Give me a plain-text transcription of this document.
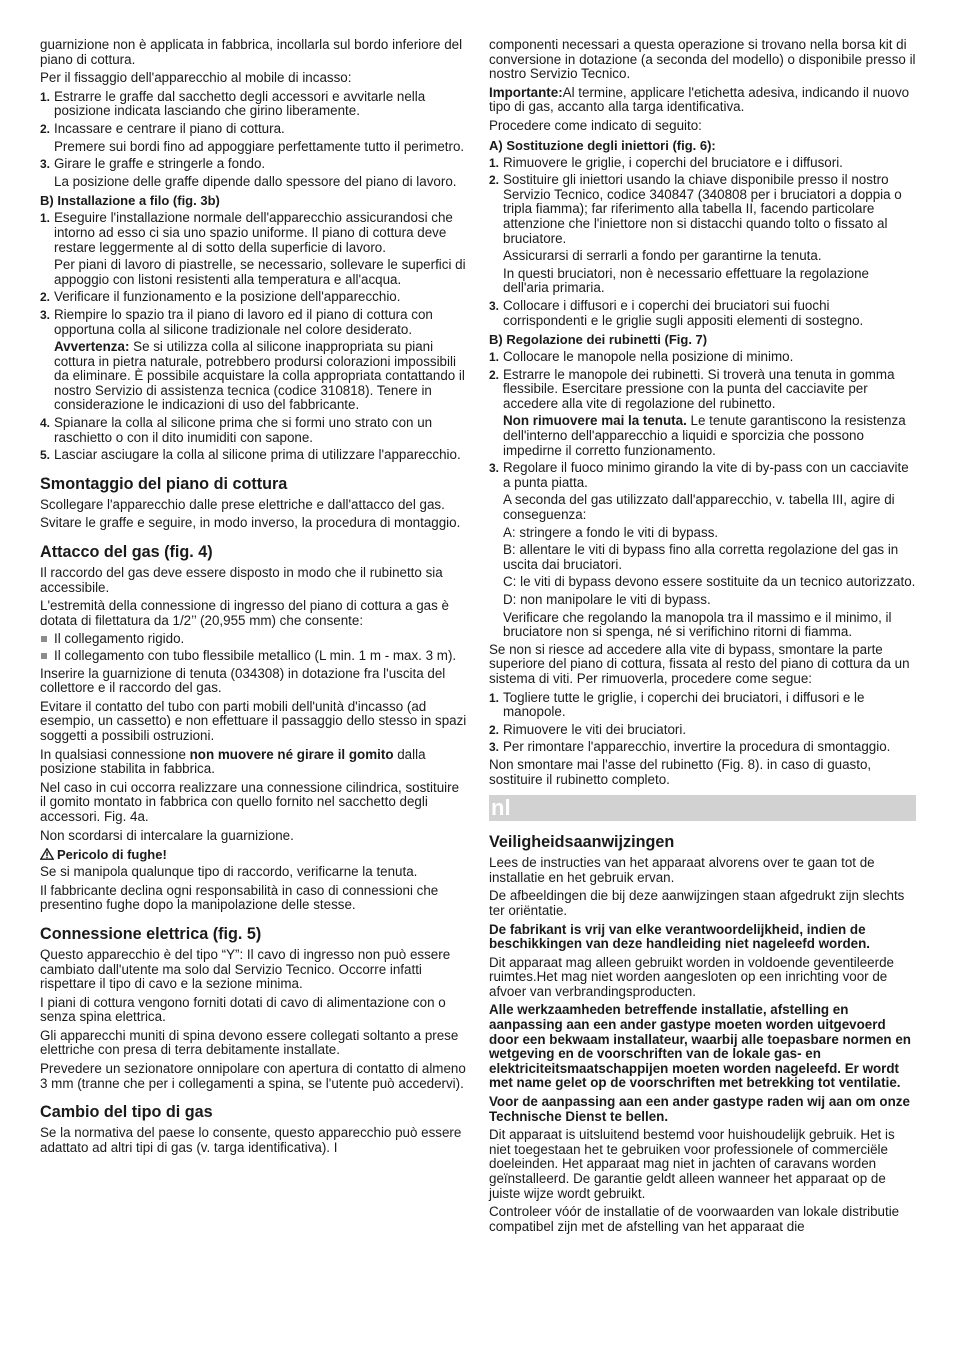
guarnizione non è applicata in fabbrica, incollarla sul bordo inferiore del piano di cottura.

Per il fissaggio dell'apparecchio al mobile di incasso:

1. Estrarre le graffe dal sacchetto degli accessori e avvitarle nella posizione indicata lasciando che girino liberamente.
2. Incassare e centrare il piano di cottura.

Premere sui bordi fino ad appoggiare perfettamente tutto il perimetro.

3. Girare le graffe e stringerle a fondo.

La posizione delle graffe dipende dallo spessore del piano di lavoro.

B) Installazione a filo (fig. 3b)
1. Eseguire l'installazione normale dell'apparecchio assicurandosi che intorno ad esso ci sia uno spazio uniforme. Il piano di cottura deve restare leggermente al di sotto della superficie di lavoro.

Per piani di lavoro di piastrelle, se necessario, sollevare le superfici di appoggio con listoni resistenti alla temperatura e all'acqua.

2. Verificare il funzionamento e la posizione dell'apparecchio.
3. Riempire lo spazio tra il piano di lavoro ed il piano di cottura con opportuna colla al silicone tradizionale nel colore desiderato.

Avvertenza: Se si utilizza colla al silicone inappropriata su piani cottura in pietra naturale, potrebbero prodursi colorazioni impossibili da eliminare. È possibile acquistare la colla appropriata contattando il nostro Servizio di assistenza tecnica (codice 310818). Tenere in considerazione le indicazioni di uso del fabbricante.

4. Spianare la colla al silicone prima che si formi uno strato con un raschietto o con il dito inumiditi con sapone.
5. Lasciar asciugare la colla al silicone prima di utilizzare l'apparecchio.
Smontaggio del piano di cottura

Scollegare l'apparecchio dalle prese elettriche e dall'attacco del gas.

Svitare le graffe e seguire, in modo inverso, la procedura di montaggio.

Attacco del gas (fig. 4)

Il raccordo del gas deve essere disposto in modo che il rubinetto sia accessibile.

L'estremità della connessione di ingresso del piano di cottura a gas è dotata di filettatura da 1/2’’ (20,955 mm) che consente:

Il collegamento rigido.
Il collegamento con tubo flessibile metallico (L min. 1 m - max. 3 m).

Inserire la guarnizione di tenuta (034308) in dotazione fra l'uscita del collettore e il raccordo del gas.

Evitare il contatto del tubo con parti mobili dell'unità d'incasso (ad esempio, un cassetto) e non effettuare il passaggio dello stesso in spazi soggetti a possibili ostruzioni.

In qualsiasi connessione non muovere né girare il gomito dalla posizione stabilita in fabbrica.

Nel caso in cui occorra realizzare una connessione cilindrica, sostituire il gomito montato in fabbrica con quello fornito nel sacchetto degli accessori. Fig. 4a.

Non scordarsi di intercalare la guarnizione.

Pericolo di fughe!

Se si manipola qualunque tipo di raccordo, verificarne la tenuta.

Il fabbricante declina ogni responsabilità in caso di connessioni che presentino fughe dopo la manipolazione delle stesse.

Connessione elettrica (fig. 5)

Questo apparecchio è del tipo “Y”: Il cavo di ingresso non può essere cambiato dall'utente ma solo dal Servizio Tecnico. Occorre infatti rispettare il tipo di cavo e la sezione minima.

I piani di cottura vengono forniti dotati di cavo di alimentazione con o senza spina elettrica.

Gli apparecchi muniti di spina devono essere collegati soltanto a prese elettriche con presa di terra debitamente installate.

Prevedere un sezionatore onnipolare con apertura di contatto di almeno 3 mm (tranne che per i collegamenti a spina, se l'utente può accedervi).

Cambio del tipo di gas

Se la normativa del paese lo consente, questo apparecchio può essere adattato ad altri tipi di gas (v. targa identificativa). I

componenti necessari a questa operazione si trovano nella borsa kit di conversione in dotazione (a seconda del modello) o disponibile presso il nostro Servizio Tecnico.

Importante:Al termine, applicare l'etichetta adesiva, indicando il nuovo tipo di gas, accanto alla targa identificativa.

Procedere come indicato di seguito:

A) Sostituzione degli iniettori (fig. 6):
1. Rimuovere le griglie, i coperchi del bruciatore e i diffusori.
2. Sostituire gli iniettori usando la chiave disponibile presso il nostro Servizio Tecnico, codice 340847 (340808 per i bruciatori a doppia o tripla fiamma); far riferimento alla tabella II, facendo particolare attenzione che l'iniettore non si distacchi quando tolto o fissato al bruciatore.

Assicurarsi di serrarli a fondo per garantirne la tenuta.

In questi bruciatori, non è necessario effettuare la regolazione dell'aria primaria.

3. Collocare i diffusori e i coperchi dei bruciatori sui fuochi corrispondenti e le griglie sugli appositi elementi di sostegno.
B) Regolazione dei rubinetti (Fig. 7)
1. Collocare le manopole nella posizione di minimo.
2. Estrarre le manopole dei rubinetti. Si troverà una tenuta in gomma flessibile. Esercitare pressione con la punta del cacciavite per accedere alla vite di regolazione del rubinetto.

Non rimuovere mai la tenuta. Le tenute garantiscono la resistenza dell'interno dell'apparecchio a liquidi e sporcizia che possono impedirne il corretto funzionamento.

3. Regolare il fuoco minimo girando la vite di by-pass con un cacciavite a punta piatta.

A seconda del gas utilizzato dall'apparecchio, v. tabella III, agire di conseguenza:

A: stringere a fondo le viti di bypass.

B: allentare le viti di bypass fino alla corretta regolazione del gas in uscita dai bruciatori.

C: le viti di bypass devono essere sostituite da un tecnico autorizzato.

D: non manipolare le viti di bypass.

Verificare che regolando la manopola tra il massimo e il minimo, il bruciatore non si spenga, né si verifichino ritorni di fiamma.

Se non si riesce ad accedere alla vite di bypass, smontare la parte superiore del piano di cottura, fissata al resto del piano di cottura da un sistema di viti. Per rimuoverla, procedere come segue:

1. Togliere tutte le griglie, i coperchi dei bruciatori, i diffusori e le manopole.
2. Rimuovere le viti dei bruciatori.
3. Per rimontare l'apparecchio, invertire la procedura di smontaggio.

Non smontare mai l'asse del rubinetto (Fig. 8). in caso di guasto, sostituire il rubinetto completo.

nl
Veiligheidsaanwijzingen

Lees de instructies van het apparaat alvorens over te gaan tot de installatie en het gebruik ervan.

De afbeeldingen die bij deze aanwijzingen staan afgedrukt zijn slechts ter oriëntatie.

De fabrikant is vrij van elke verantwoordelijkheid, indien de beschikkingen van deze handleiding niet nageleefd worden.

Dit apparaat mag alleen gebruikt worden in voldoende geventileerde ruimtes.Het mag niet worden aangesloten op een inrichting voor de afvoer van verbrandingsproducten.

Alle werkzaamheden betreffende installatie, afstelling en aanpassing aan een ander gastype moeten worden uitgevoerd door een bekwaam installateur, waarbij alle toepasbare normen en wetgeving en de voorschriften van de lokale gas- en elektriciteitsmaatschappijen moeten worden nageleefd. Er wordt met name gelet op de voorschriften met betrekking tot ventilatie.

Voor de aanpassing aan een ander gastype raden wij aan om onze Technische Dienst te bellen.

Dit apparaat is uitsluitend bestemd voor huishoudelijk gebruik. Het is niet toegestaan het te gebruiken voor professionele of commerciële doeleinden. Het apparaat mag niet in jachten of caravans worden geïnstalleerd. De garantie geldt alleen wanneer het apparaat op de juiste wijze wordt gebruikt.

Controleer vóór de installatie of de voorwaarden van lokale distributie compatibel zijn met de afstelling van het apparaat die
